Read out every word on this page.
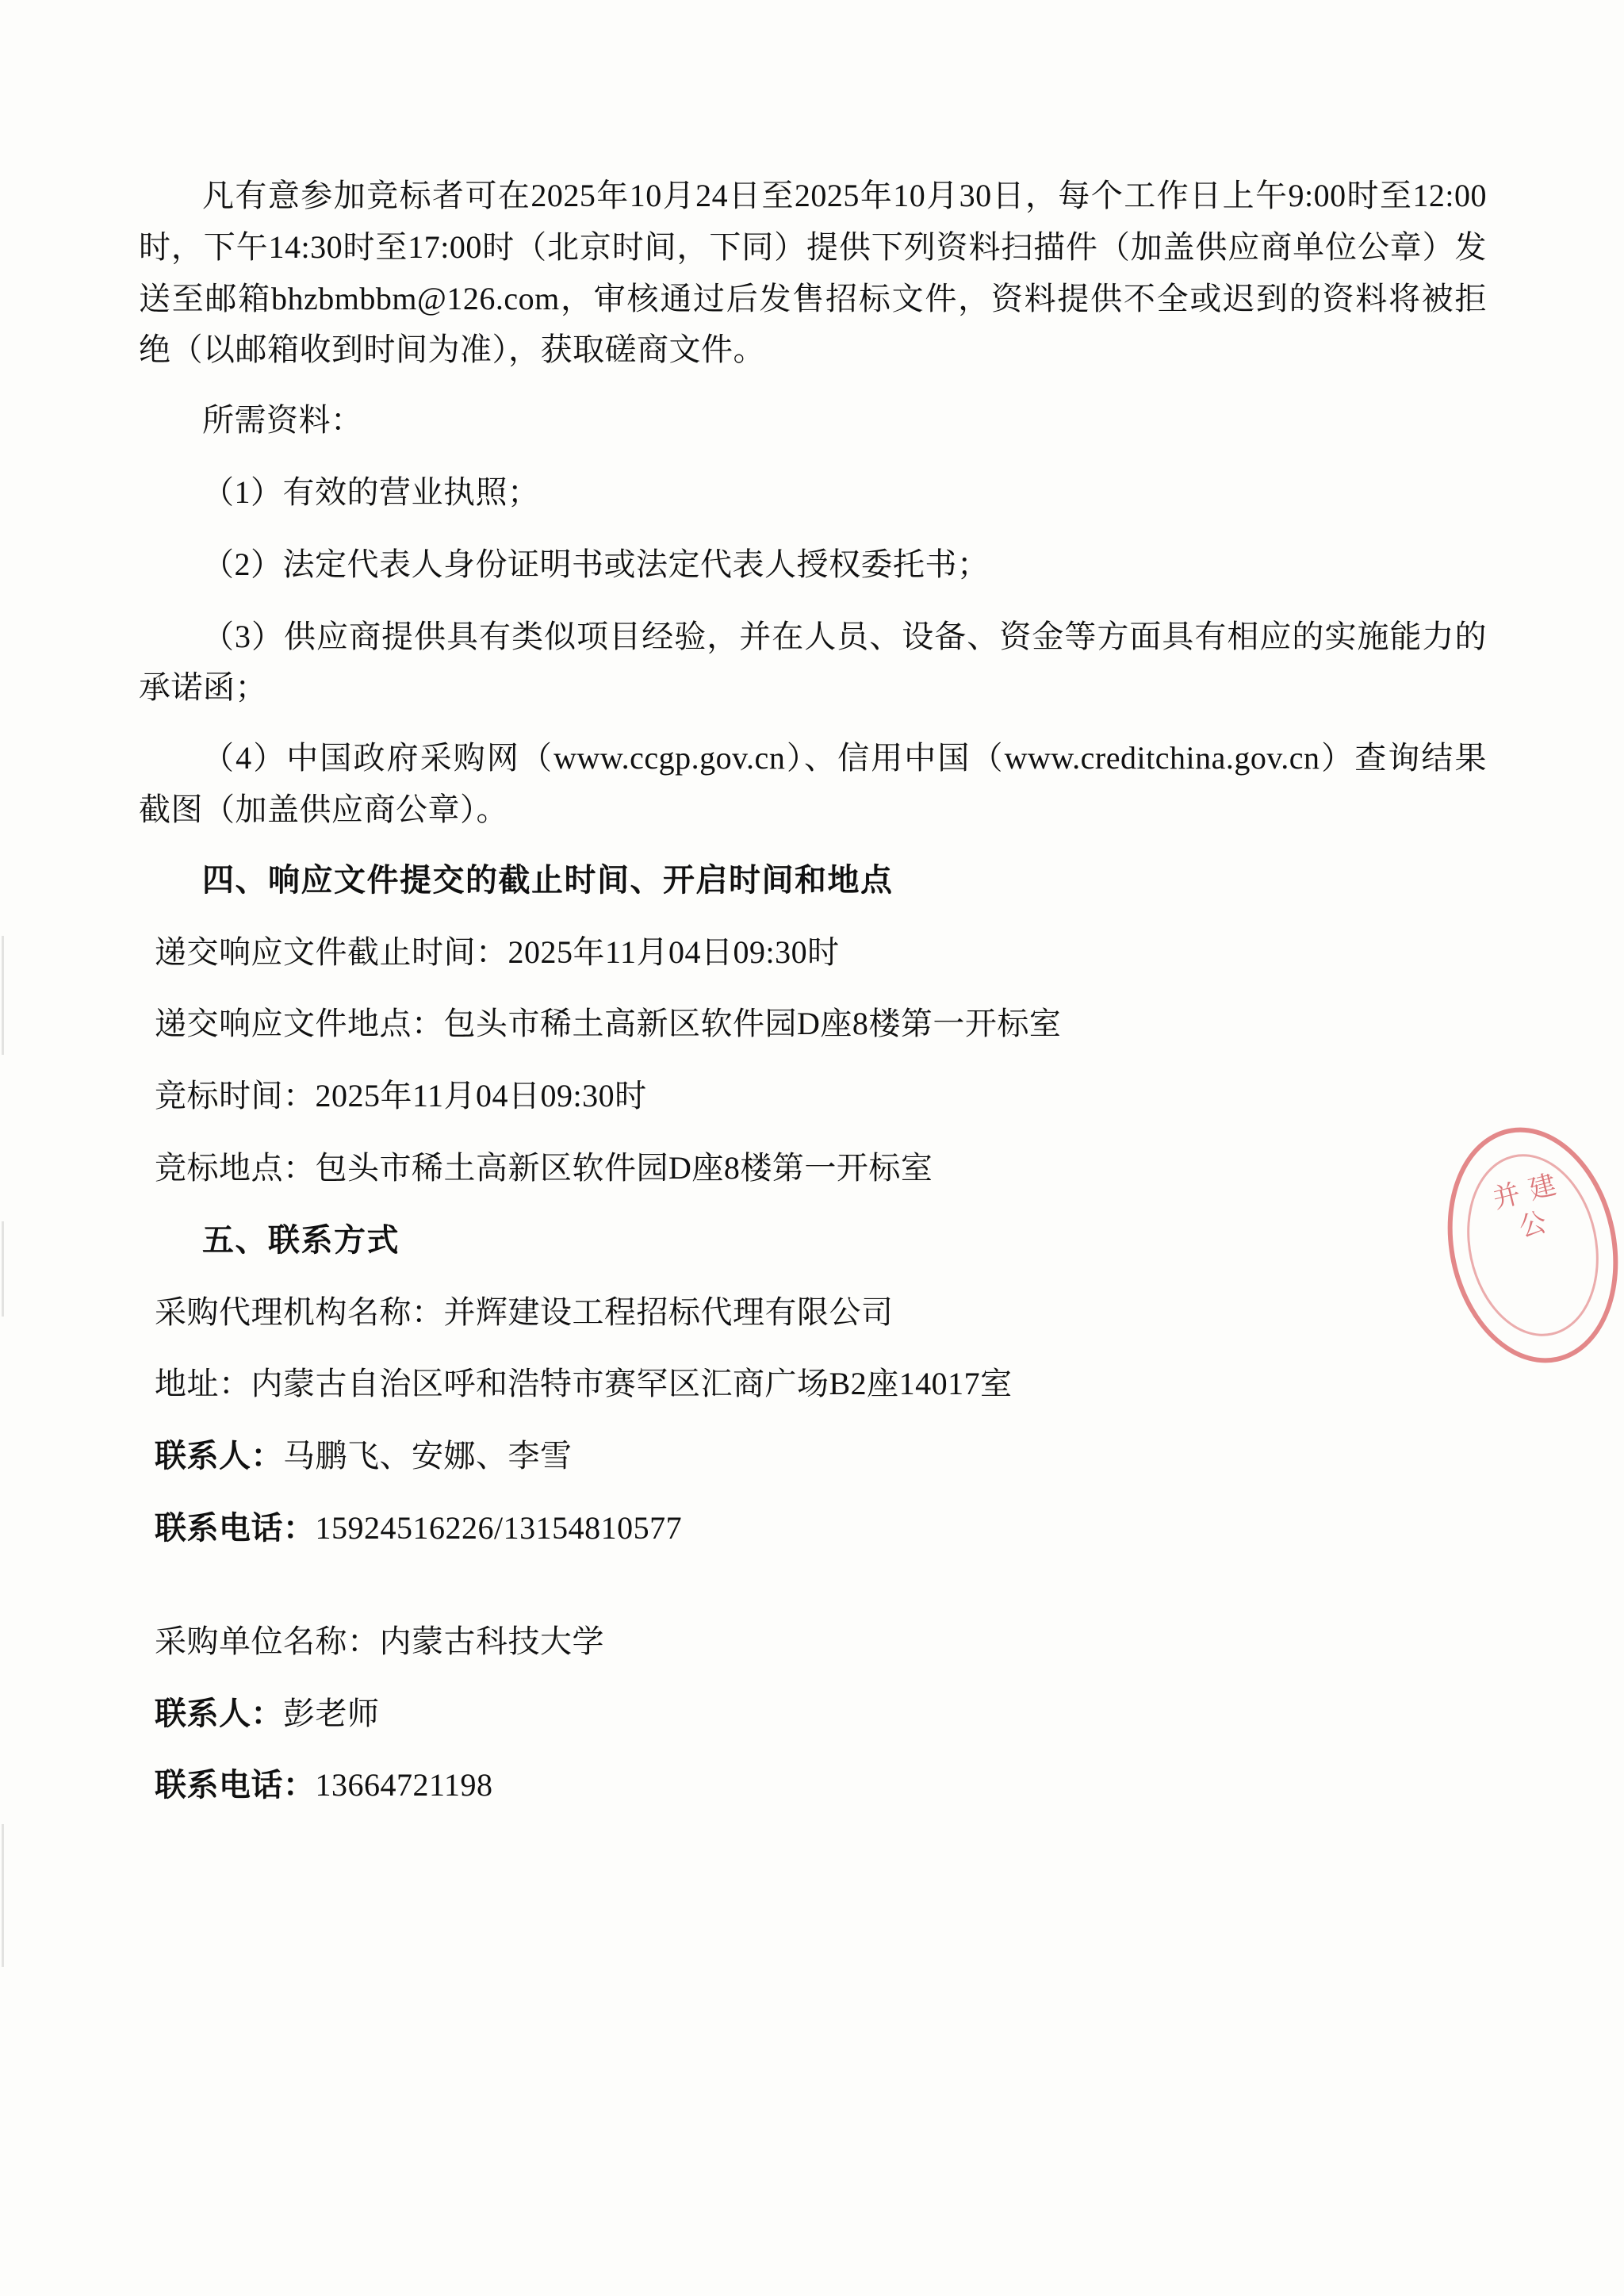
凡有意参加竞标者可在2025年10月24日至2025年10月30日，每个工作日上午9:00时至12:00时，下午14:30时至17:00时（北京时间，下同）提供下列资料扫描件（加盖供应商单位公章）发送至邮箱bhzbmbbm@126.com，审核通过后发售招标文件，资料提供不全或迟到的资料将被拒绝（以邮箱收到时间为准），获取磋商文件。

所需资料：

（1）有效的营业执照；

（2）法定代表人身份证明书或法定代表人授权委托书；

（3）供应商提供具有类似项目经验，并在人员、设备、资金等方面具有相应的实施能力的承诺函；

（4）中国政府采购网（www.ccgp.gov.cn）、信用中国（www.creditchina.gov.cn）查询结果截图（加盖供应商公章）。

四、响应文件提交的截止时间、开启时间和地点

递交响应文件截止时间：2025年11月04日09:30时

递交响应文件地点：包头市稀土高新区软件园D座8楼第一开标室

竞标时间：2025年11月04日09:30时

竞标地点：包头市稀土高新区软件园D座8楼第一开标室

五、联系方式

采购代理机构名称：并辉建设工程招标代理有限公司

地址：内蒙古自治区呼和浩特市赛罕区汇商广场B2座14017室

联系人：马鹏飞、安娜、李雪

联系电话：15924516226/13154810577

采购单位名称：内蒙古科技大学

联系人：彭老师

联系电话：13664721198

并 建 公
